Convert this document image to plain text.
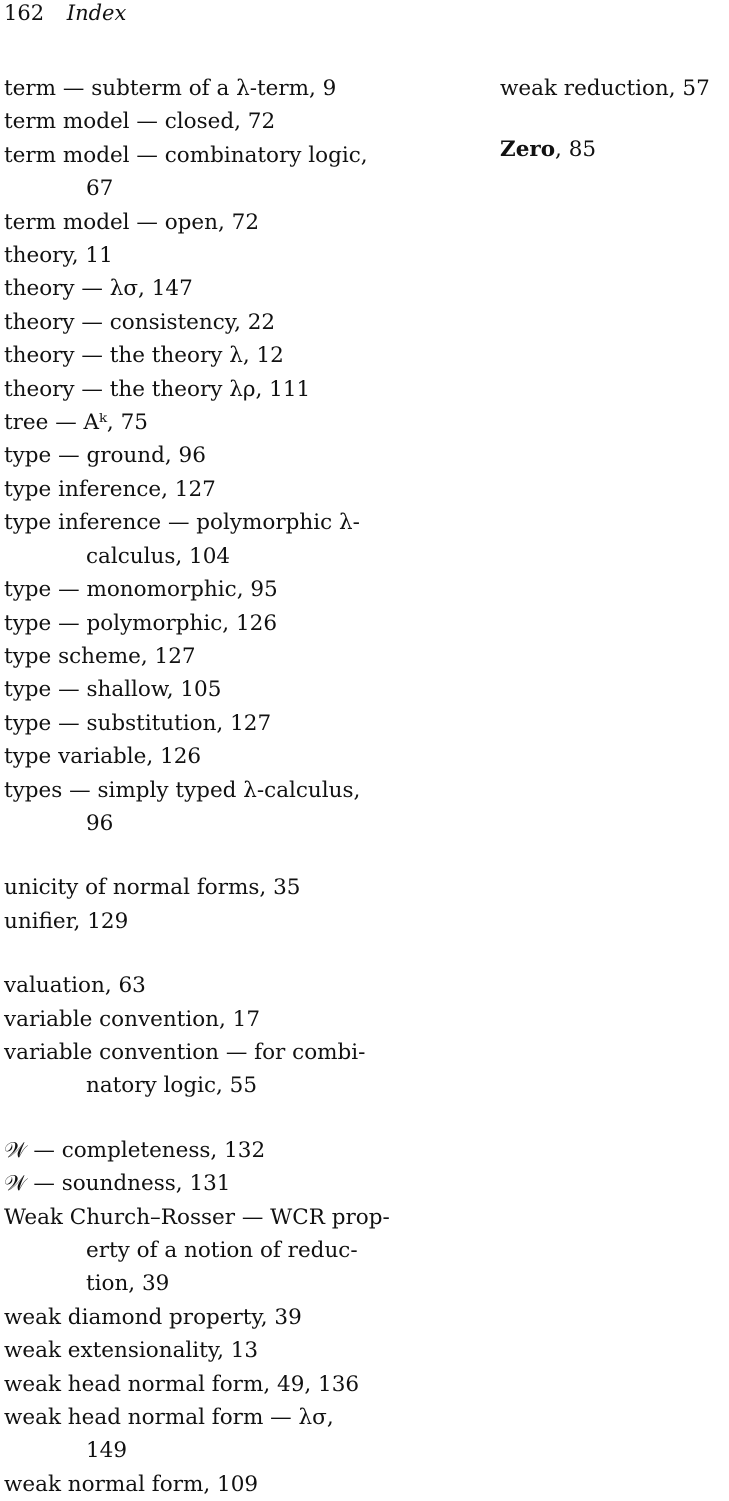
162 Index
term — subterm of a λ-term, 9
term model — closed, 72
term model — combinatory logic,
67
term model — open, 72
theory, 11
theory — λσ, 147
theory — consistency, 22
theory — the theory λ, 12
theory — the theory λρ, 111
tree — Aᵏ, 75
type — ground, 96
type inference, 127
type inference — polymorphic λ-
calculus, 104
type — monomorphic, 95
type — polymorphic, 126
type scheme, 127
type — shallow, 105
type — substitution, 127
type variable, 126
types — simply typed λ-calculus,
96
unicity of normal forms, 35
unifier, 129
valuation, 63
variable convention, 17
variable convention — for combi-
natory logic, 55
𝒲 — completeness, 132
𝒲 — soundness, 131
Weak Church–Rosser — WCR prop-
erty of a notion of reduc-
tion, 39
weak diamond property, 39
weak extensionality, 13
weak head normal form, 49, 136
weak head normal form — λσ,
149
weak normal form, 109
weak reduction, 57
Zero, 85
